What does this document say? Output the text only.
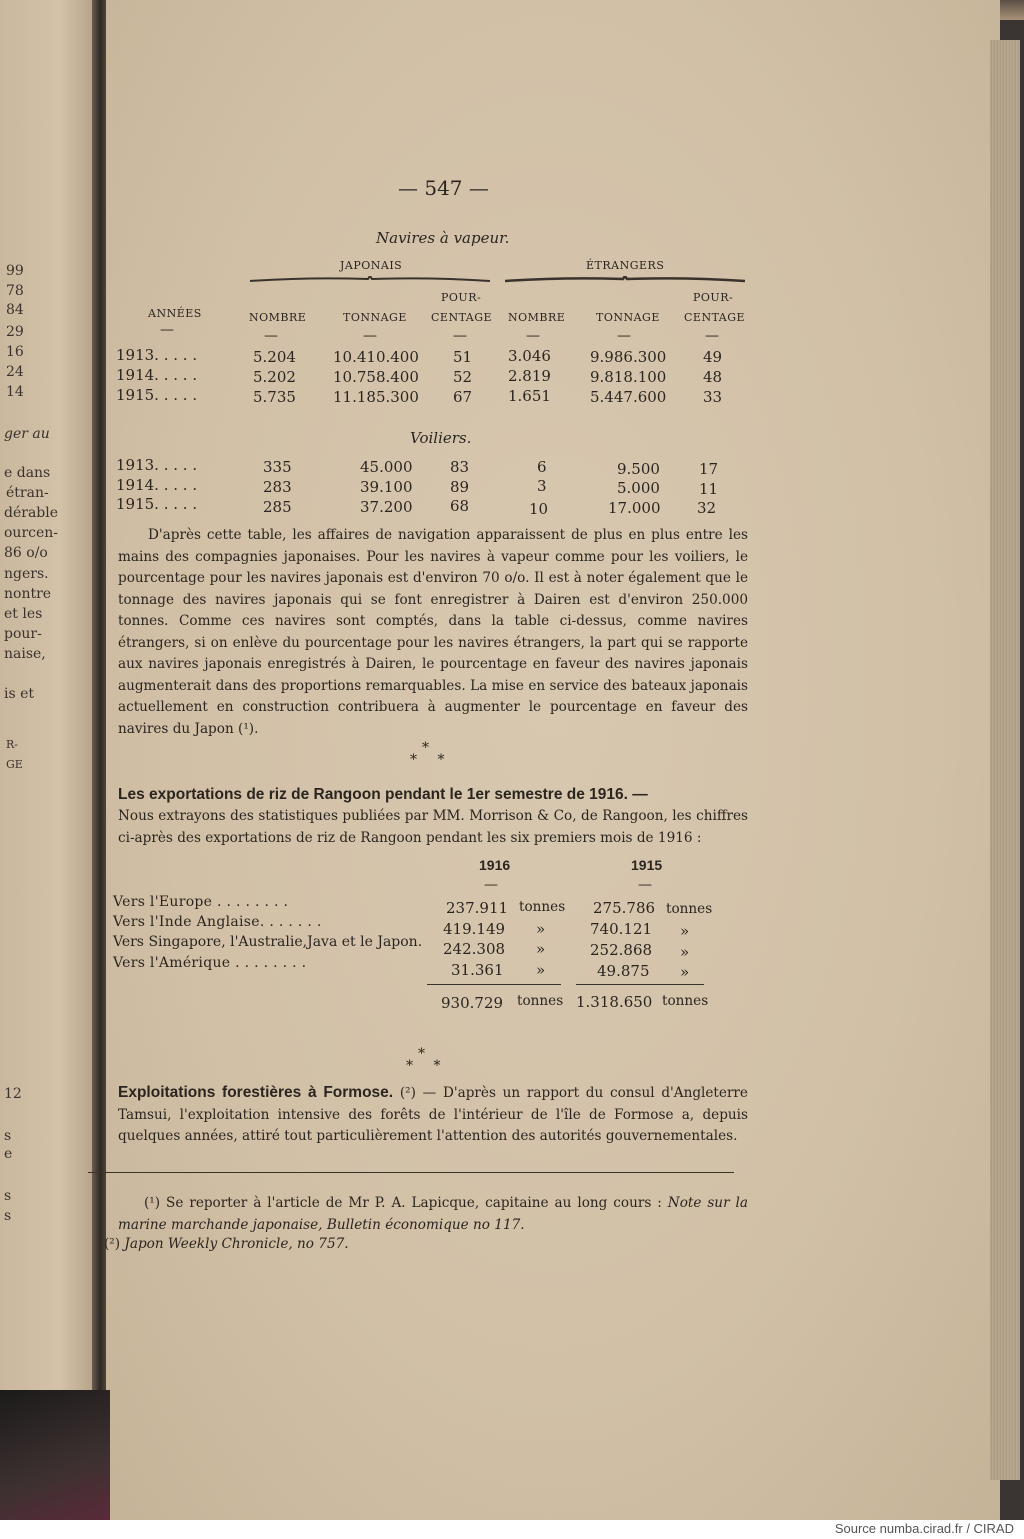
99
78
84
29
16
24
14
ger au
e dans
étran-
dérable
ourcen-
86 o/o
ngers.
nontre
et les
pour-
naise,
is et
R-
GE
12
s
e
s
s
— 547 —
Navires à vapeur.
JAPONAIS	ÉTRANGERS
ANNÉES	NOMBRE	TONNAGE
POUR-
CENTAGE NOMBRE	TONNAGE
POUR-
CENTAGE
—	—	—	—	—	—	—
1913. . . . .	5.204 10.410.400 51 3.046	9.986.300 49
1914. . . . .	5.202 10.758.400 52 2.819	9.818.100 48
1915. . . . .	5.735 11.185.300 67 1.651	5.447.600 33
Voiliers.
1913. . . . .	335	45.000	83	6	9.500	17
1914. . . . .	283	39.100	89	3	5.000	11
1915. . . . .	285	37.200	68	10	17.000 32
D'après cette table, les affaires de navigation apparaissent de plus en plus entre les mains des compagnies japonaises. Pour les navires à vapeur comme pour les voiliers, le pourcentage pour les navires japonais est d'environ 70 o/o. Il est à noter également que le tonnage des navires japonais qui se font enregistrer à Dairen est d'environ 250.000 tonnes. Comme ces navires sont comptés, dans la table ci-dessus, comme navires étrangers, si on enlève du pourcentage pour les navires étrangers, la part qui se rapporte aux navires japonais enregistrés à Dairen, le pourcentage en faveur des navires japonais augmenterait dans des proportions remarquables. La mise en service des bateaux japonais actuellement en construction contribuera à augmenter le pourcentage en faveur des navires du Japon (¹).
*
* *
Les exportations de riz de Rangoon pendant le 1er semestre de 1916. —
Nous extrayons des statistiques publiées par MM. Morrison & Co, de Rangoon, les chiffres ci-après des exportations de riz de Rangoon pendant les six premiers mois de 1916 :
1916	1915
—	—
Vers l'Europe . . . . . . . .	237.911 tonnes 275.786 tonnes
Vers l'Inde Anglaise. . . . . . .	419.149 »	740.121 »
Vers Singapore, l'Australie,Java et le Japon. 242.308 »	252.868 »
Vers l'Amérique . . . . . . . .	31.361 »	49.875 »
930.729 tonnes 1.318.650 tonnes
*
* *
Exploitations forestières à Formose. (²) — D'après un rapport du consul d'Angleterre Tamsui, l'exploitation intensive des forêts de l'intérieur de l'île de Formose a, depuis quelques années, attiré tout particulièrement l'attention des autorités gouvernementales.
(¹) Se reporter à l'article de Mr P. A. Lapicque, capitaine au long cours : Note sur la marine marchande japonaise, Bulletin économique no 117.
(²) Japon Weekly Chronicle, no 757.
Source numba.cirad.fr / CIRAD
